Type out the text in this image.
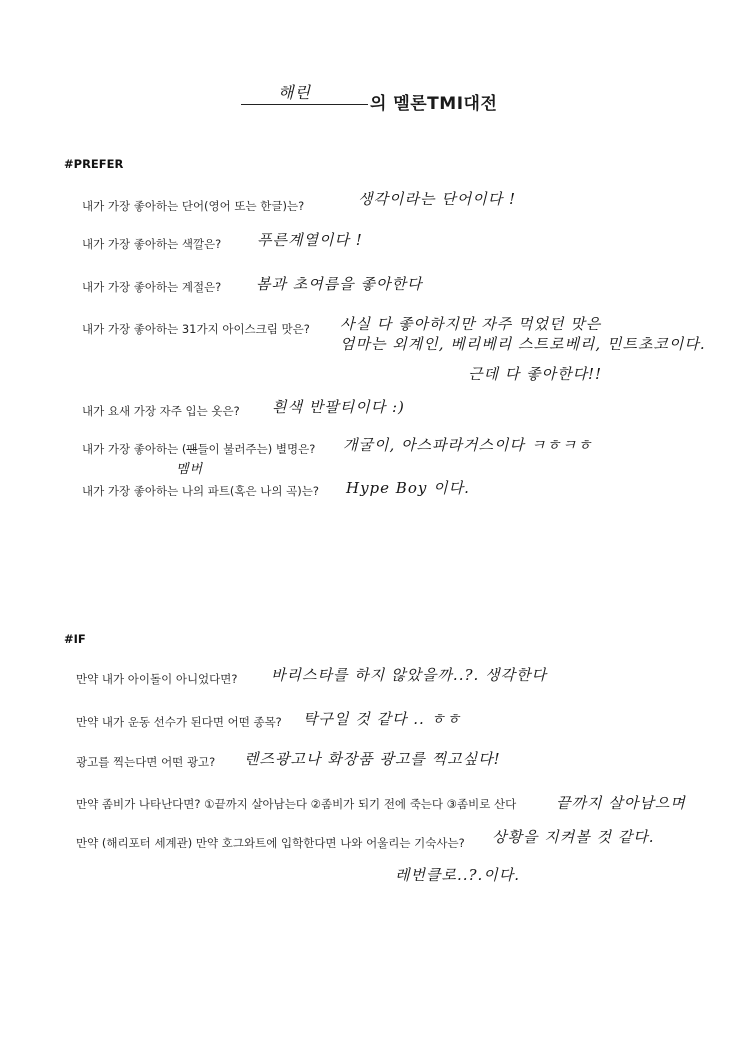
해린
의 멜론TMI대전
#PREFER
내가 가장 좋아하는 단어(영어 또는 한글)는?	생각이라는 단어이다 !
내가 가장 좋아하는 색깔은? 푸른계열이다 !
내가 가장 좋아하는 계절은? 봄과 초여름을 좋아한다
내가 가장 좋아하는 31가지 아이스크림 맛은? 사실 다 좋아하지만 자주 먹었던 맛은
엄마는 외계인, 베리베리 스트로베리, 민트초코이다.
근데 다 좋아한다!!
내가 요새 가장 자주 입는 옷은? 흰색 반팔티이다 :)
내가 가장 좋아하는 (팬들이 불러주는) 별명은? 개굴이, 아스파라거스이다 ㅋㅎㅋㅎ
멤버
내가 가장 좋아하는 나의 파트(혹은 나의 곡)는? Hype Boy 이다.
#IF
만약 내가 아이돌이 아니었다면? 바리스타를 하지 않았을까..?. 생각한다
만약 내가 운동 선수가 된다면 어떤 종목? 탁구일 것 같다 .. ㅎㅎ
광고를 찍는다면 어떤 광고? 렌즈광고나 화장품 광고를 찍고싶다!
만약 좀비가 나타난다면? ①끝까지 살아남는다 ②좀비가 되기 전에 죽는다 ③좀비로 산다	끝까지 살아남으며
만약 (해리포터 세계관) 만약 호그와트에 입학한다면 나와 어울리는 기숙사는? 상황을 지켜볼 것 같다.
레번클로..?.이다.
